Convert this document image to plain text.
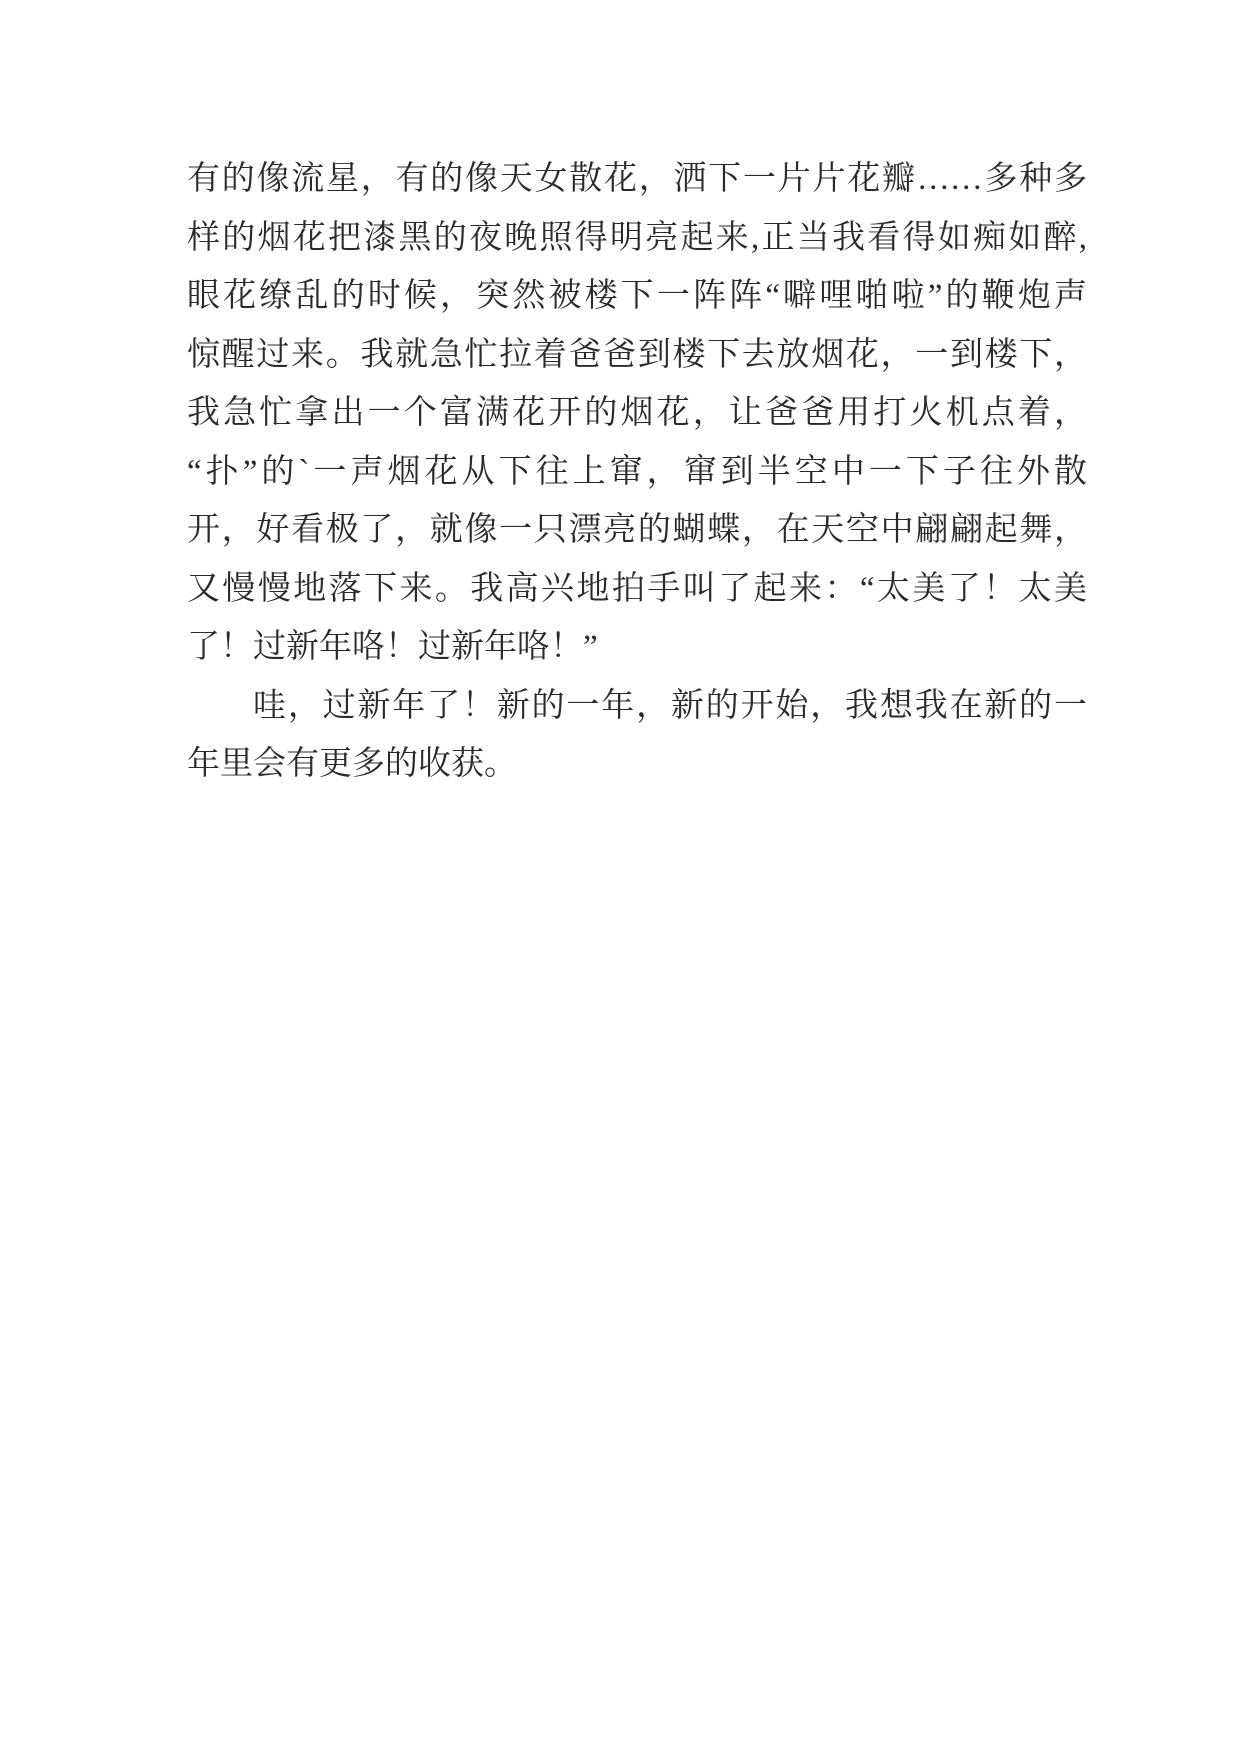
有的像流星，有的像天女散花，洒下一片片花瓣……多种多

样的烟花把漆黑的夜晚照得明亮起来,正当我看得如痴如醉,

眼花缭乱的时候，突然被楼下一阵阵“噼哩啪啦”的鞭炮声

惊醒过来。我就急忙拉着爸爸到楼下去放烟花，一到楼下，

我急忙拿出一个富满花开的烟花，让爸爸用打火机点着，

“扑”的`一声烟花从下往上窜，窜到半空中一下子往外散

开，好看极了，就像一只漂亮的蝴蝶，在天空中翩翩起舞，

又慢慢地落下来。我高兴地拍手叫了起来：“太美了！太美

了！过新年咯！过新年咯！”

哇，过新年了！新的一年，新的开始，我想我在新的一

年里会有更多的收获。
